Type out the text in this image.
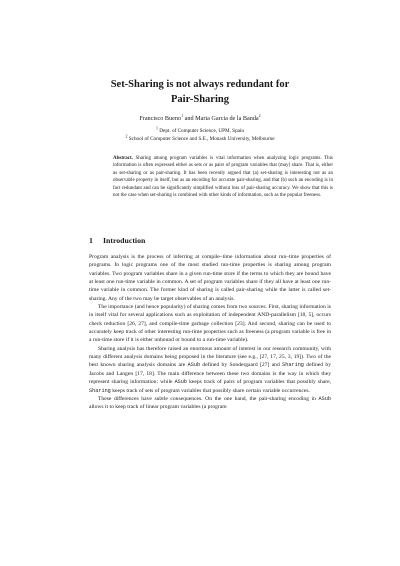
Set-Sharing is not always redundant for
Pair-Sharing
Francisco Bueno$^1$ and Maria Garcia de la Banda$^2$
$^1$ Dept. of Computer Science, UPM, Spain
$^2$ School of Computer Science and S.E., Monash University, Melbourne
Abstract. Sharing among program variables is vital information when analyzing logic programs. This information is often expressed either as sets or as pairs of program variables that (may) share. That is, either as set-sharing or as pair-sharing. It has been recently argued that (a) set-sharing is interesting not as an observable property in itself, but as an encoding for accurate pair-sharing, and that (b) such an encoding is in fact redundant and can be significantly simplified without loss of pair-sharing accuracy. We show that this is not the case when set-sharing is combined with other kinds of information, such as the popular freeness.
1 Introduction

Program analysis is the process of inferring at compile–time information about run–time properties of programs. In logic programs one of the most studied run-time properties is sharing among program variables. Two program variables share in a given run-time store if the terms to which they are bound have at least one run-time variable in common. A set of program variables share if they all have at least one run-time variable in common. The former kind of sharing is called pair-sharing while the latter is called set-sharing. Any of the two may be target observables of an analysis.

The importance (and hence popularity) of sharing comes from two sources. First, sharing information is in itself vital for several applications such as exploitation of independent AND-parallelism [18, 5], occurs check reduction [26, 27], and compile-time garbage collection [23]. And second, sharing can be used to accurately keep track of other interesting run-time properties such as freeness (a program variable is free in a run-time store if it is either unbound or bound to a run-time variable).

Sharing analysis has therefore raised an enormous amount of interest in our research community, with many different analysis domains being proposed in the literature (see e.g., [27, 17, 25, 3, 19]). Two of the best known sharing analysis domains are ASub defined by Sondergaard [27] and Sharing defined by Jacobs and Langen [17, 18]. The main difference between these two domains is the way in which they represent sharing information: while ASub keeps track of pairs of program variables that possibly share, Sharing keeps track of sets of program variables that possibly share certain variable occurrences.

These differences have subtle consequences. On the one hand, the pair-sharing encoding in ASub allows it to keep track of linear program variables (a program
